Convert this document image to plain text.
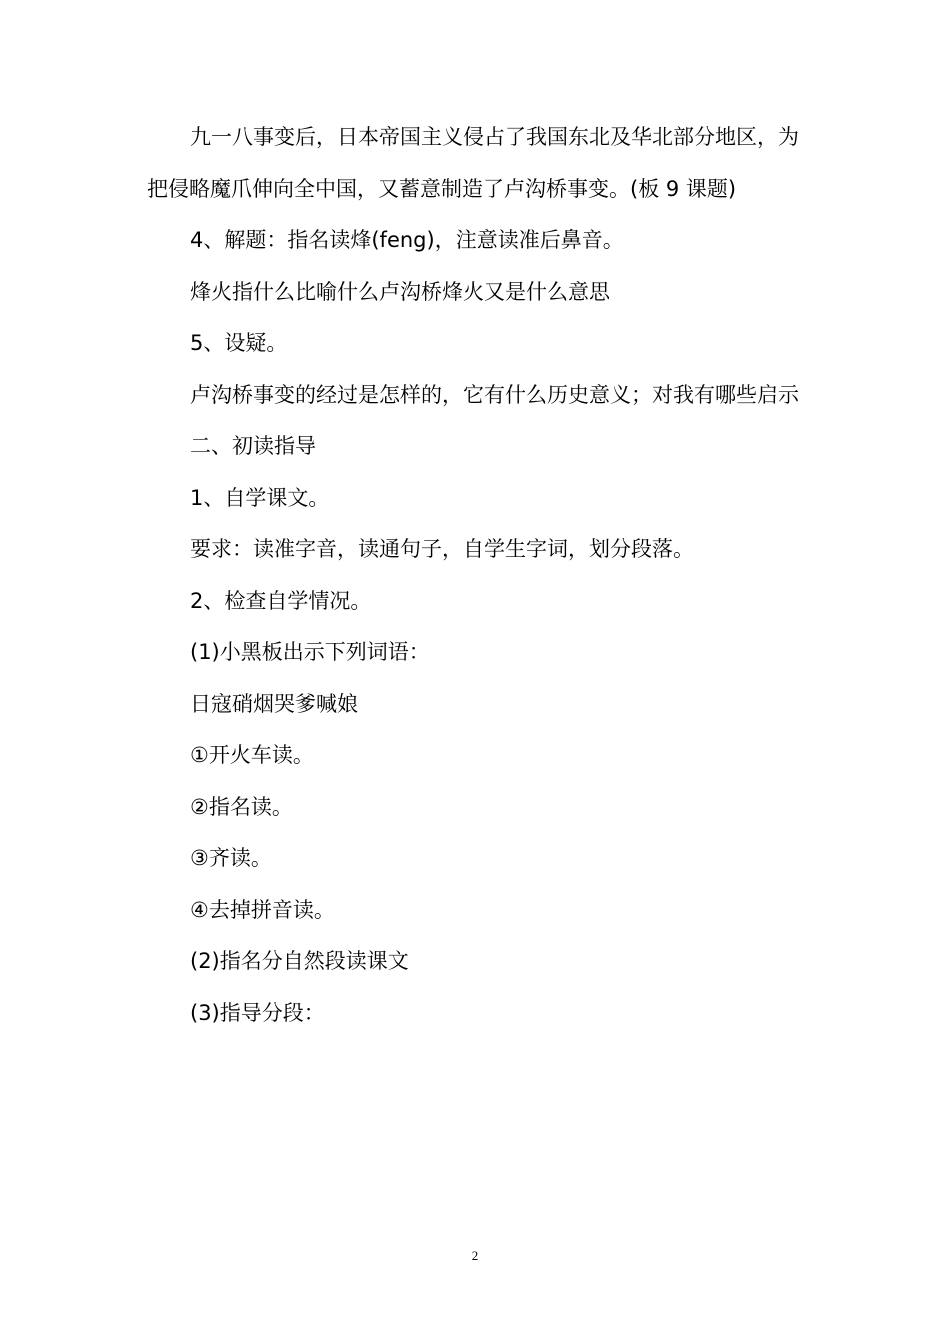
九一八事变后，日本帝国主义侵占了我国东北及华北部分地区，为把侵略魔爪伸向全中国，又蓄意制造了卢沟桥事变。(板 9 课题)

4、解题：指名读烽(feng)，注意读准后鼻音。

烽火指什么比喻什么卢沟桥烽火又是什么意思

5、设疑。

卢沟桥事变的经过是怎样的，它有什么历史意义；对我有哪些启示

二、初读指导

1、自学课文。

要求：读准字音，读通句子，自学生字词，划分段落。

2、检查自学情况。

(1)小黑板出示下列词语：

日寇硝烟哭爹喊娘

①开火车读。

②指名读。

③齐读。

④去掉拼音读。

(2)指名分自然段读课文

(3)指导分段：

2
